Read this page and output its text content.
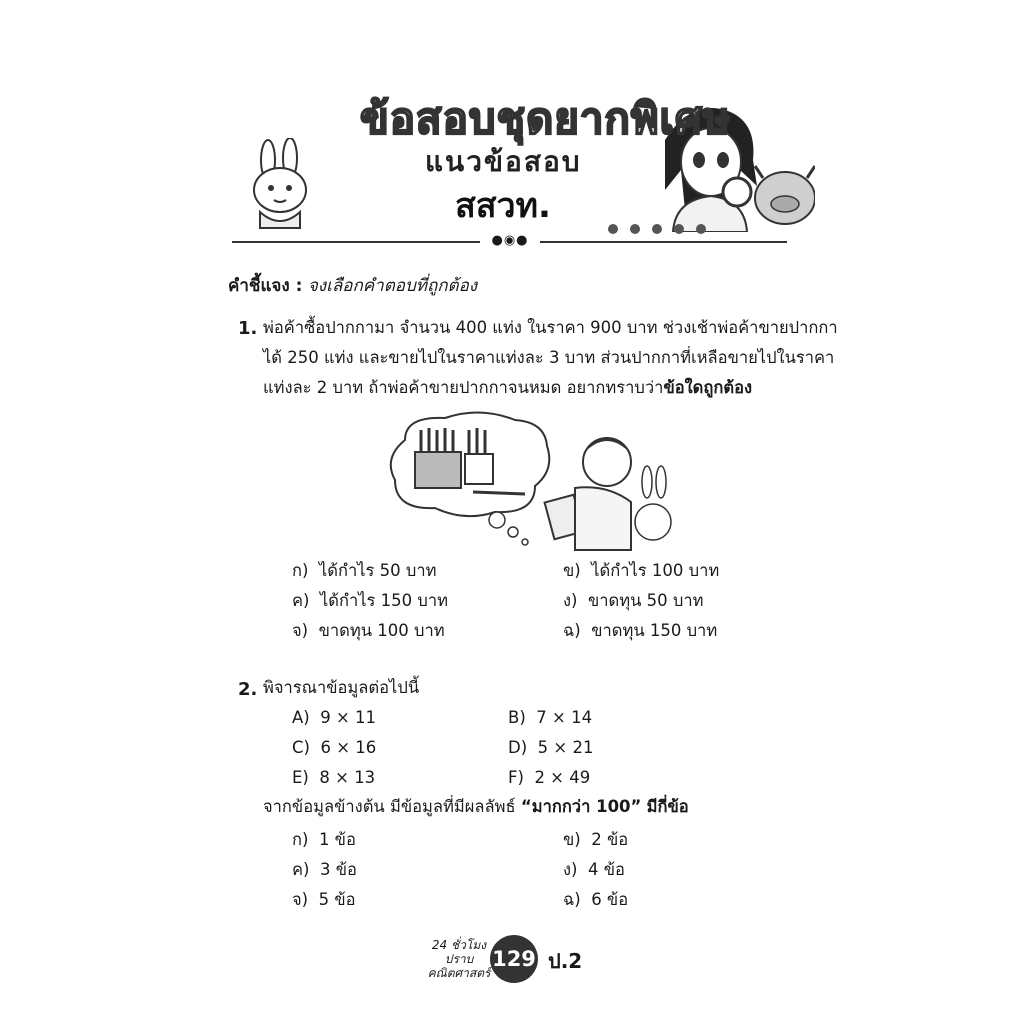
ข้อสอบชุดยากพิเศษ
แนวข้อสอบ
สสวท.
●◉●
คำชี้แจง : จงเลือกคำตอบที่ถูกต้อง
1. พ่อค้าซื้อปากกามา จำนวน 400 แท่ง ในราคา 900 บาท ช่วงเช้าพ่อค้าขายปากกา
ได้ 250 แท่ง และขายไปในราคาแท่งละ 3 บาท ส่วนปากกาที่เหลือขายไปในราคา
แท่งละ 2 บาท ถ้าพ่อค้าขายปากกาจนหมด อยากทราบว่าข้อใดถูกต้อง
ก) ได้กำไร 50 บาท	ข) ได้กำไร 100 บาท
ค) ได้กำไร 150 บาท	ง) ขาดทุน 50 บาท
จ) ขาดทุน 100 บาท	ฉ) ขาดทุน 150 บาท
2. พิจารณาข้อมูลต่อไปนี้
A) 9 × 11	B) 7 × 14
C) 6 × 16	D) 5 × 21
E) 8 × 13	F) 2 × 49
จากข้อมูลข้างต้น มีข้อมูลที่มีผลลัพธ์ “มากกว่า 100” มีกี่ข้อ
ก) 1 ข้อ	ข) 2 ข้อ
ค) 3 ข้อ	ง) 4 ข้อ
จ) 5 ข้อ	ฉ) 6 ข้อ
24 ชั่วโมง
ปราบ
คณิตศาสตร์
129 ป.2
